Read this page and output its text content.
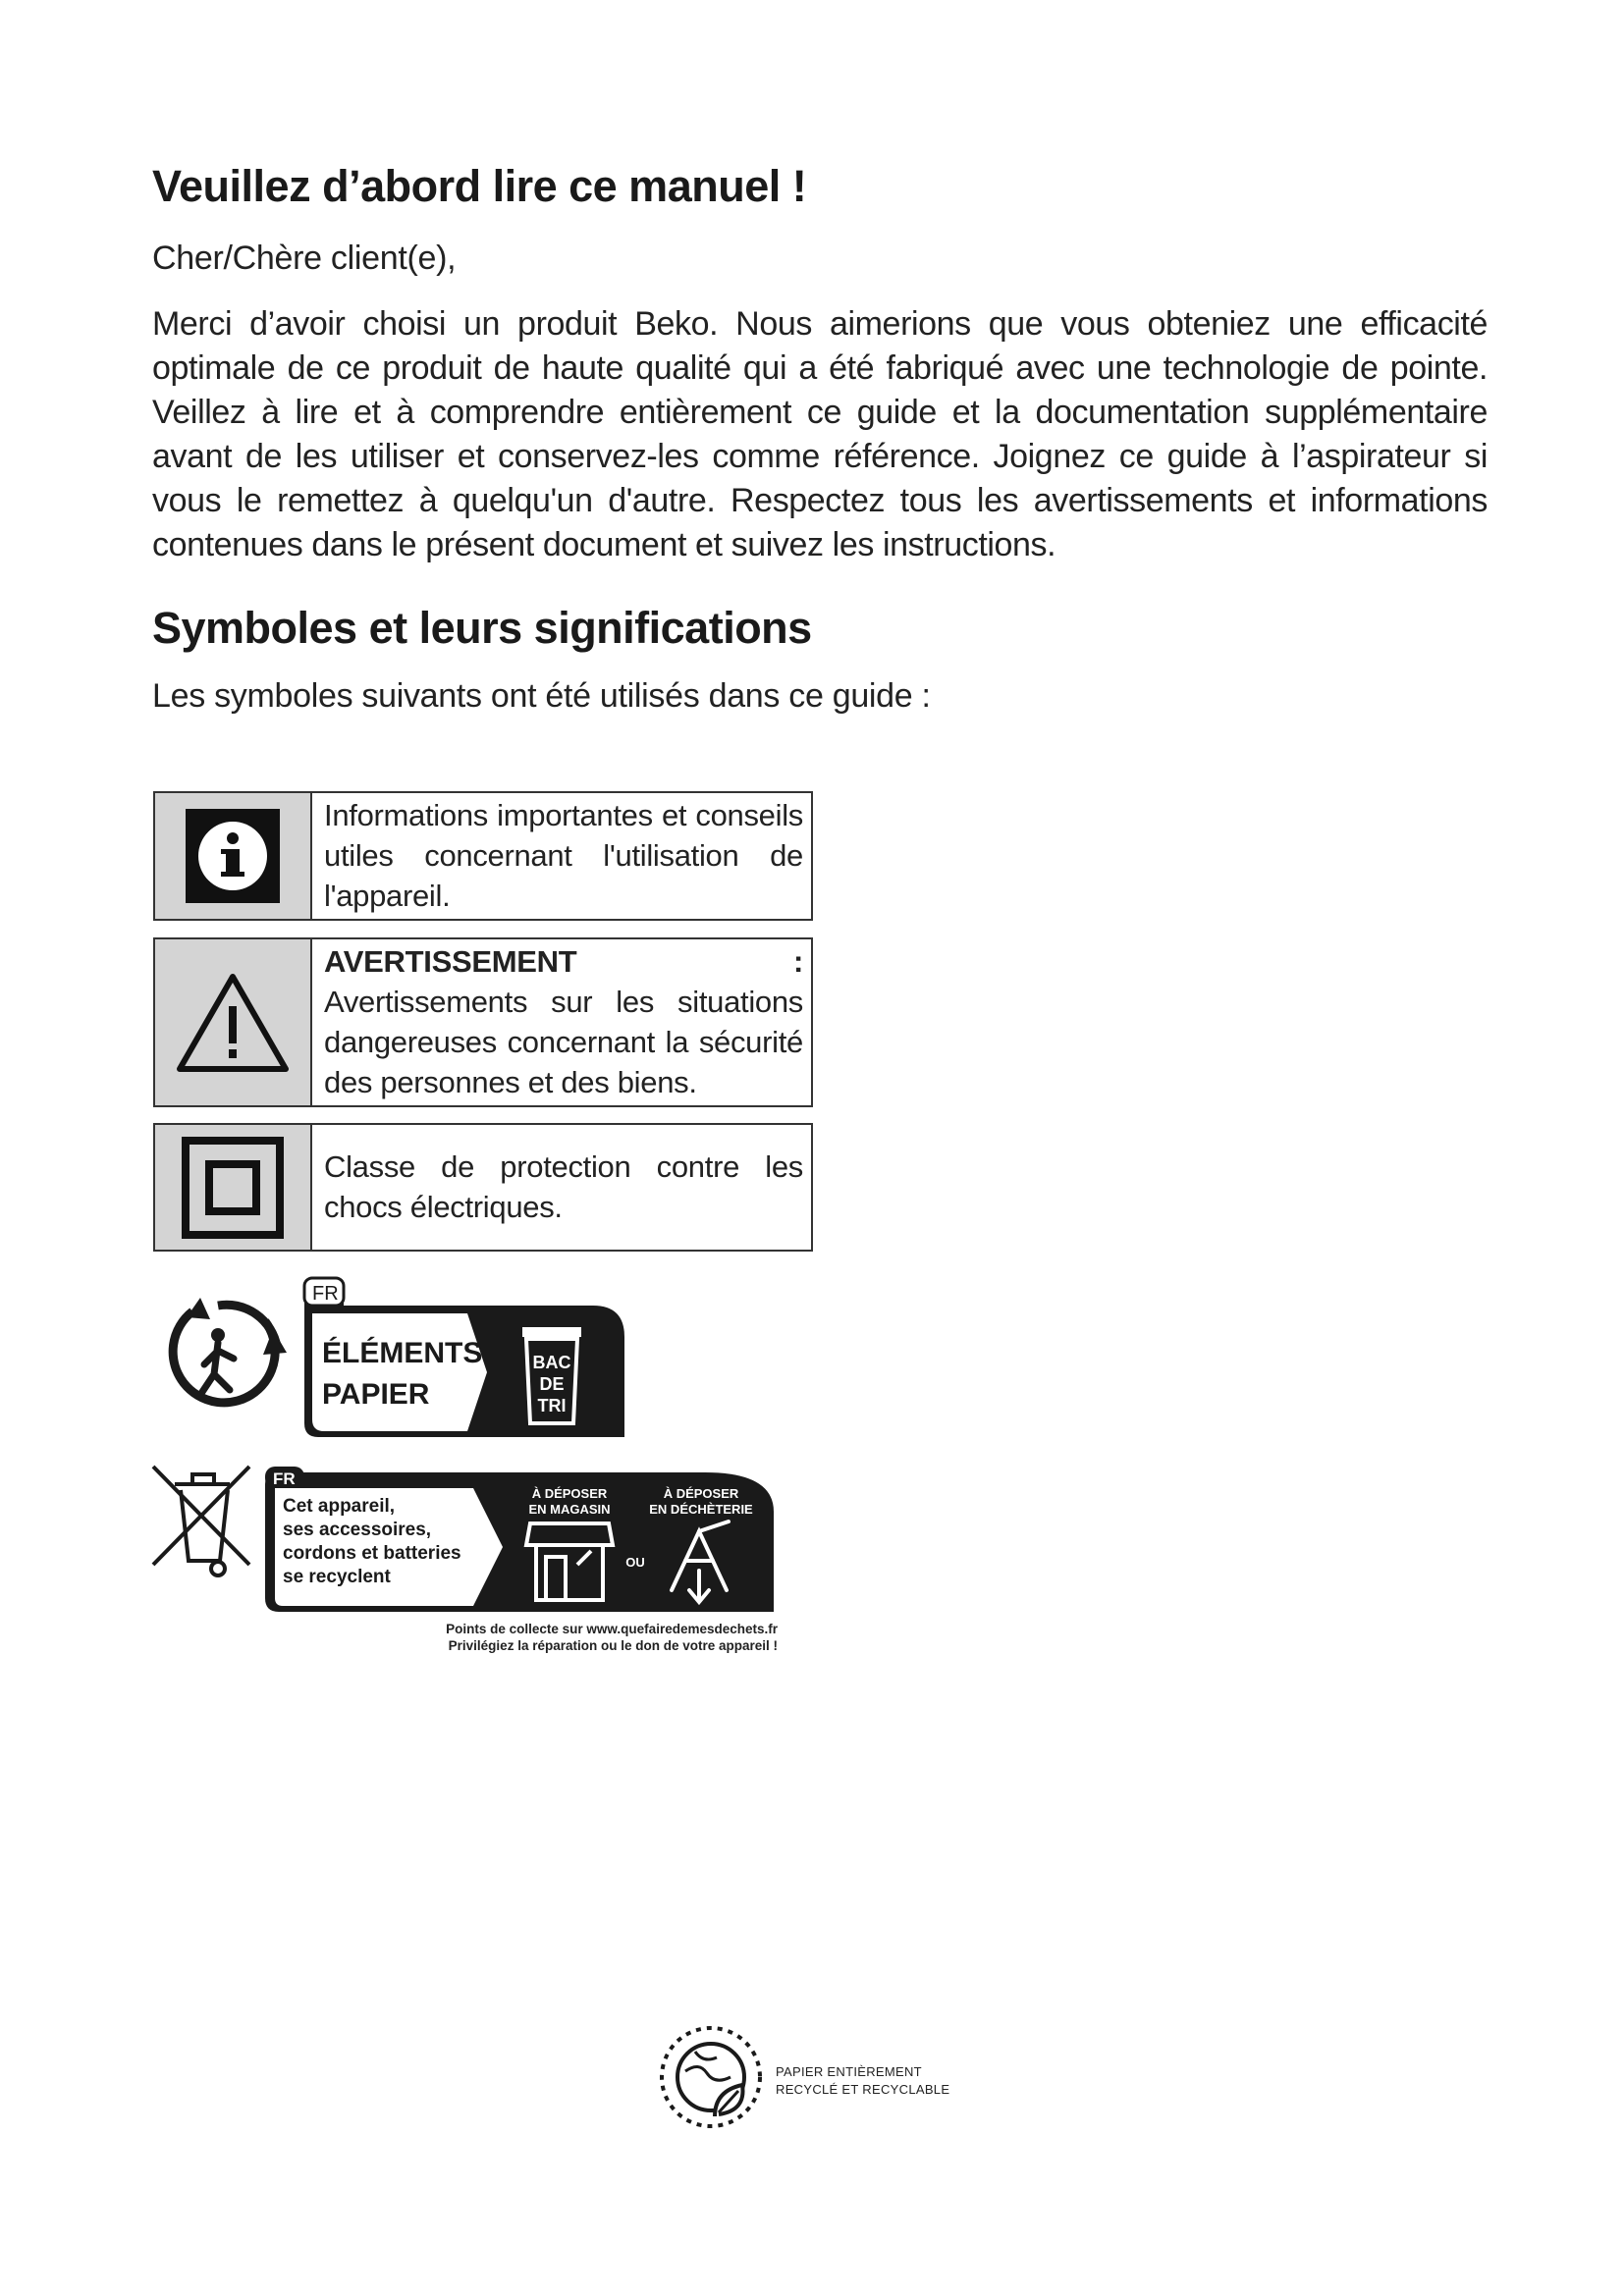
Veuillez d’abord lire ce manuel !

Cher/Chère client(e),

Merci d’avoir choisi un produit Beko. Nous aimerions que vous obteniez une efficacité optimale de ce produit de haute qualité qui a été fabriqué avec une technologie de pointe. Veillez à lire et à comprendre entièrement ce guide et la documentation supplémentaire avant de les utiliser et conservez-les comme référence. Joignez ce guide à l’aspirateur si vous le remettez à quelqu'un d'autre. Respectez tous les avertissements et informations contenues dans le présent document et suivez les instructions.

Symboles et leurs significations

Les symboles suivants ont été utilisés dans ce guide :

Informations importantes et conseils utiles concernant l'utilisation de l'appareil.

AVERTISSEMENT : Avertissements sur les situations dangereuses concernant la sécurité des personnes et des biens.

Classe de protection contre les chocs électriques.

FR
ÉLÉMENTS
PAPIER
BAC
DE
TRI
FR
Cet appareil,
ses accessoires,
cordons et batteries
se recyclent
À DÉPOSER
EN MAGASIN
À DÉPOSER
EN DÉCHÈTERIE
OU
Points de collecte sur www.quefairedemesdechets.fr
Privilégiez la réparation ou le don de votre appareil !
PAPIER ENTIÈREMENT
RECYCLÉ ET RECYCLABLE
